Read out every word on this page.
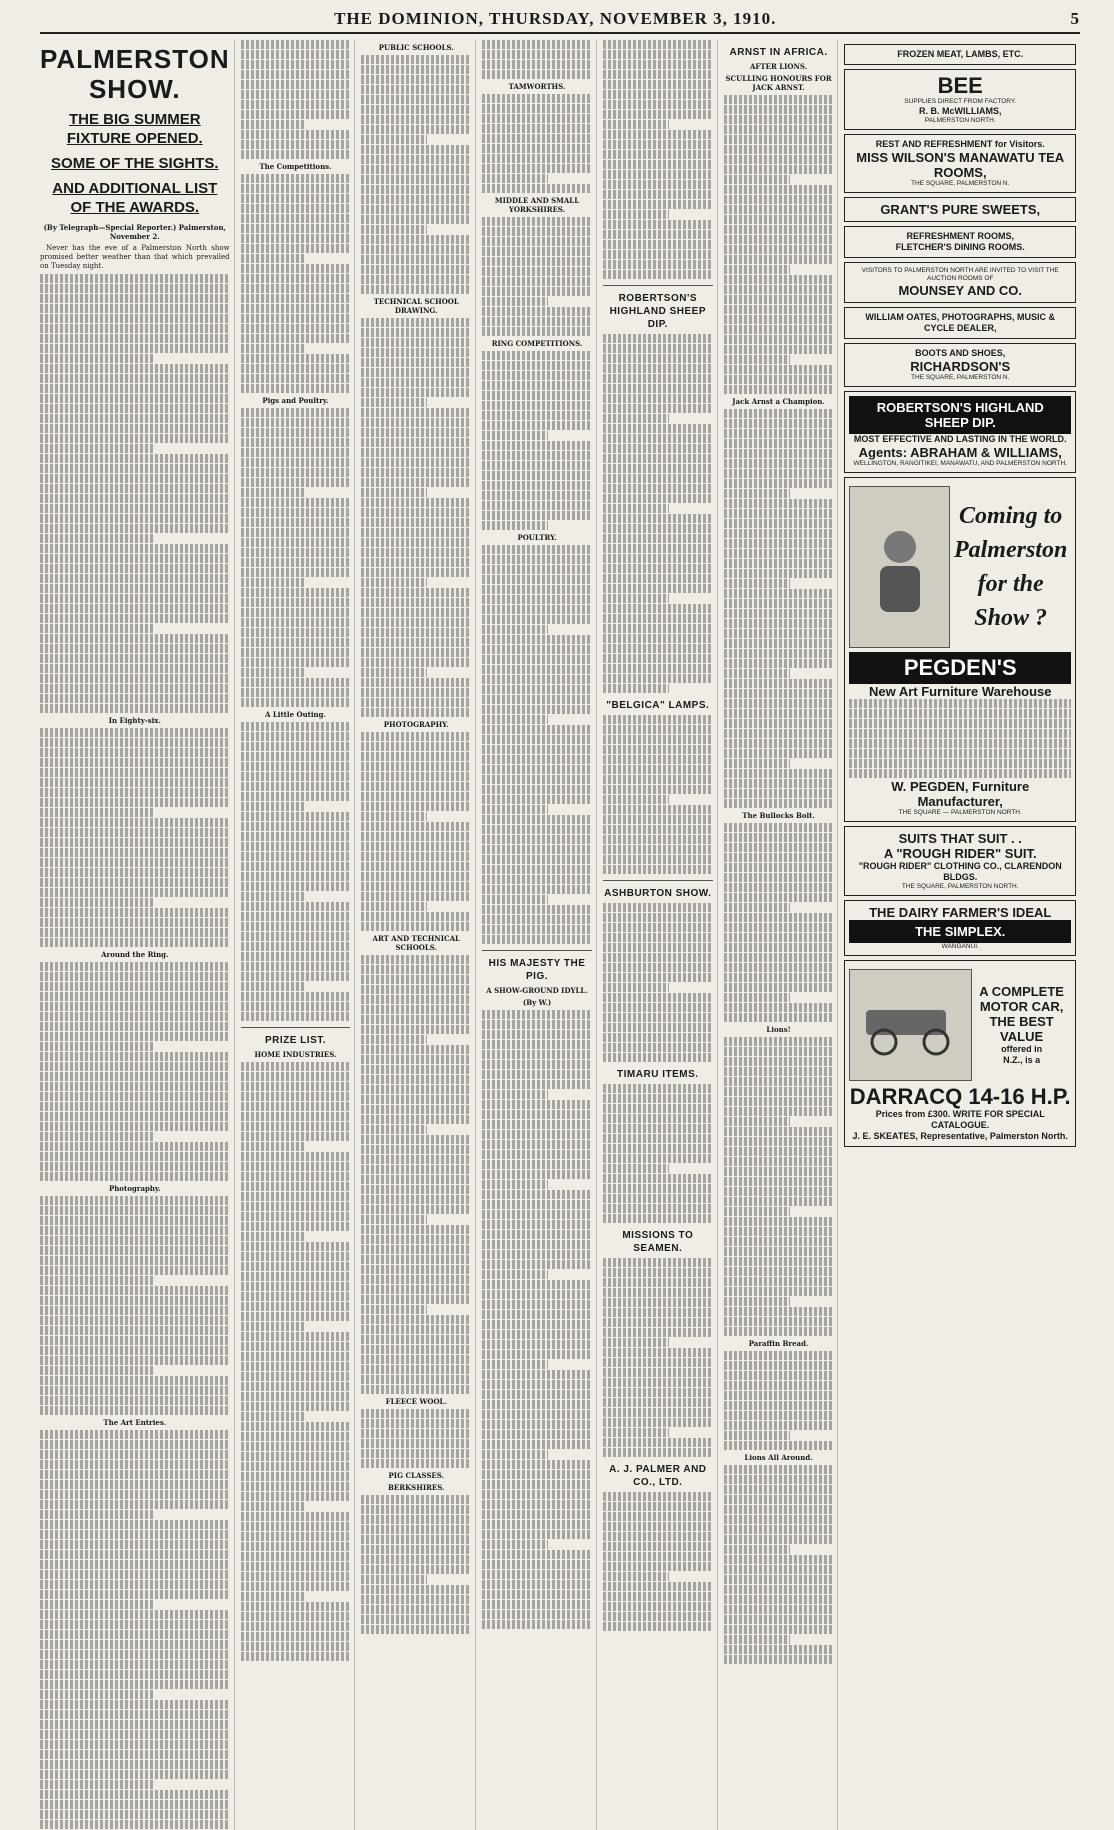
THE DOMINION, THURSDAY, NOVEMBER 3, 1910.	5
PALMERSTON SHOW.
THE BIG SUMMER FIXTURE OPENED.
SOME OF THE SIGHTS.
AND ADDITIONAL LIST OF THE AWARDS.
(By Telegraph—Special Reporter.) Palmerston, November 2.

Never has the eve of a Palmerston North show promised better weather than that which prevailed on Tuesday night.

In Eighty-six.
Around the Ring.
Photography.
The Art Entries.
The Competitions.
Pigs and Poultry.
A Little Outing.
PRIZE LIST.
HOME INDUSTRIES.
PUBLIC SCHOOLS.
TECHNICAL SCHOOL DRAWING.
PHOTOGRAPHY.
ART AND TECHNICAL SCHOOLS.
FLEECE WOOL.
PIG CLASSES.
BERKSHIRES.
TAMWORTHS.
MIDDLE AND SMALL YORKSHIRES.
RING COMPETITIONS.
POULTRY.
HIS MAJESTY THE PIG.
A SHOW-GROUND IDYLL.
(By W.)
ROBERTSON'S HIGHLAND SHEEP DIP.
"BELGICA" LAMPS.
ASHBURTON SHOW.
TIMARU ITEMS.
MISSIONS TO SEAMEN.
A. J. PALMER AND CO., LTD.
ARNST IN AFRICA.
AFTER LIONS.
SCULLING HONOURS FOR JACK ARNST.
Jack Arnst a Champion.
The Bullocks Bolt.
Lions!
Paraffin Bread.
Lions All Around.
FROZEN MEAT, LAMBS, ETC.
BEE
SUPPLIES DIRECT FROM FACTORY.
R. B. McWILLIAMS,
PALMERSTON NORTH.
REST AND REFRESHMENT for Visitors.
MISS WILSON'S MANAWATU TEA ROOMS,
THE SQUARE, PALMERSTON N.
GRANT'S PURE SWEETS,
REFRESHMENT ROOMS,
FLETCHER'S DINING ROOMS.
VISITORS TO PALMERSTON NORTH ARE INVITED TO VISIT THE AUCTION ROOMS OF
MOUNSEY AND CO.
WILLIAM OATES, PHOTOGRAPHS, MUSIC & CYCLE DEALER,
BOOTS AND SHOES,
RICHARDSON'S
THE SQUARE, PALMERSTON N.
ROBERTSON'S HIGHLAND SHEEP DIP.
MOST EFFECTIVE AND LASTING IN THE WORLD.
Agents: ABRAHAM & WILLIAMS,
WELLINGTON, RANGITIKEI, MANAWATU, AND PALMERSTON NORTH.
Coming to
Palmerston
for the
Show ?
PEGDEN'S
New Art Furniture Warehouse
W. PEGDEN, Furniture Manufacturer,
THE SQUARE — PALMERSTON NORTH.
SUITS THAT SUIT . .
A "ROUGH RIDER" SUIT.
"ROUGH RIDER" CLOTHING CO., CLARENDON BLDGS.
THE SQUARE, PALMERSTON NORTH.
THE DAIRY FARMER'S IDEAL
THE SIMPLEX.
WANGANUI.
A COMPLETE
MOTOR CAR,
THE BEST
VALUE
offered in
N.Z., is a
DARRACQ 14-16 H.P.
Prices from £300. WRITE FOR SPECIAL CATALOGUE.
J. E. SKEATES, Representative, Palmerston North.
